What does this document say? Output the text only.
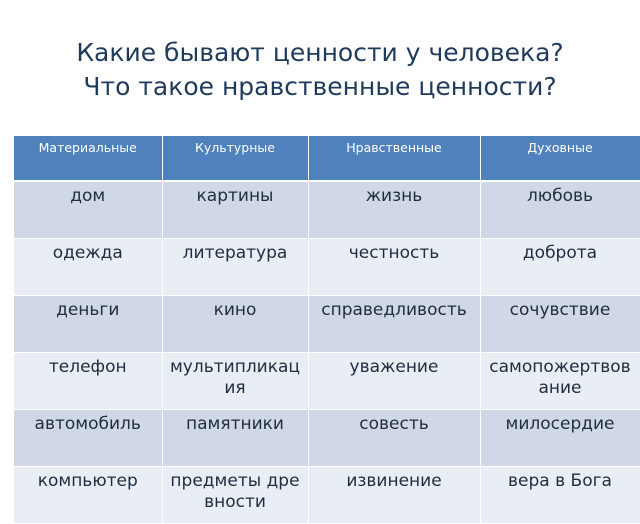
Какие бывают ценности у человека?
Что такое нравственные ценности?
Материальные	Культурные	Нравственные	Духовные
дом	картины	жизнь	любовь
одежда	литература	честность	доброта
деньги	кино	справедливость	сочувствие
телефон	мультипликация	уважение	самопожертвование
автомобиль	памятники	совесть	милосердие
компьютер	предметы древности	извинение	вера в Бога
